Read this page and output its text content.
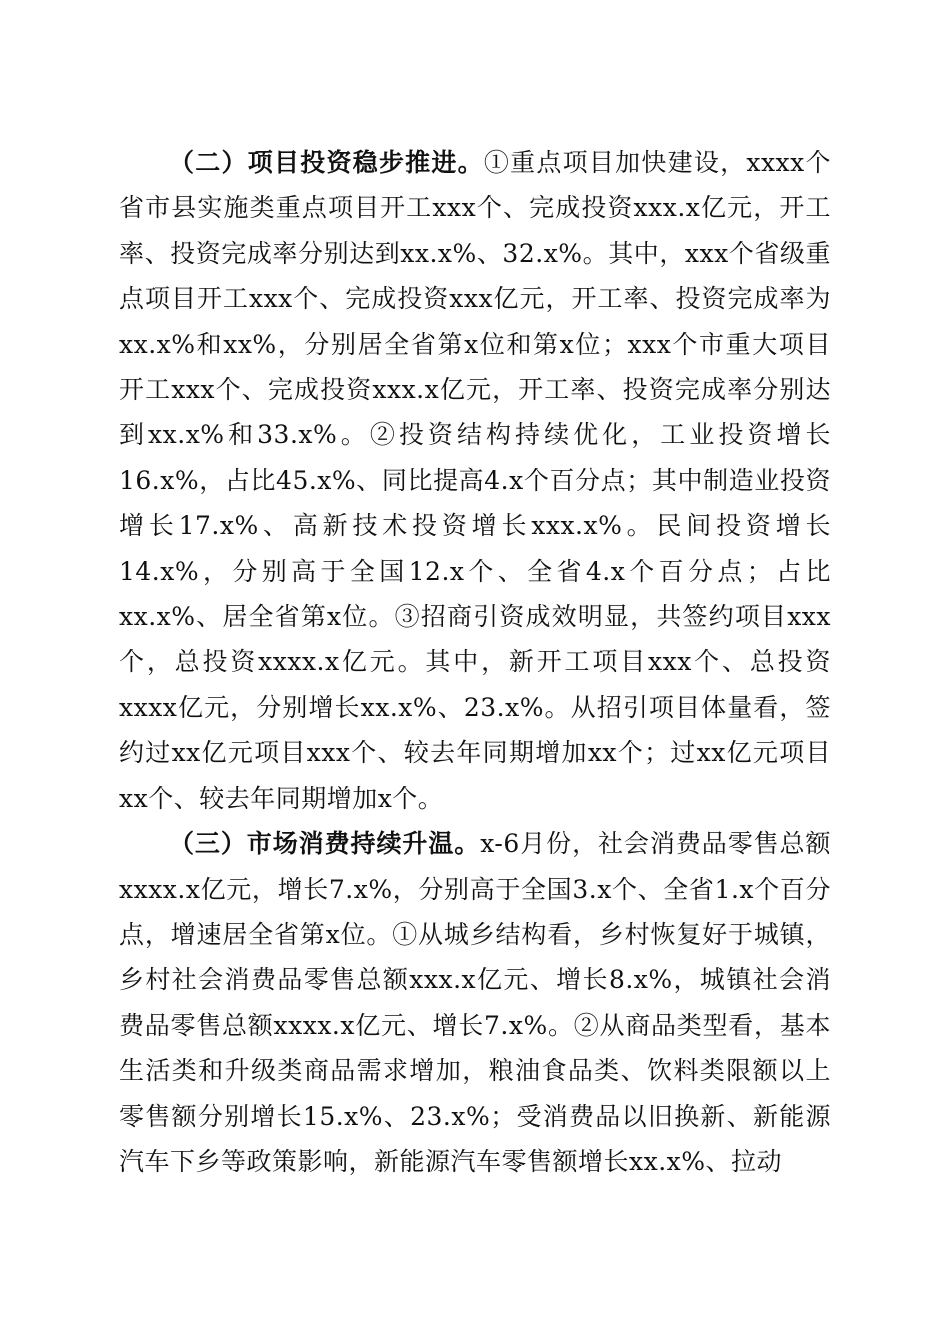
（二）项目投资稳步推进。①重点项目加快建设，xxxx个省市县实施类重点项目开工xxx个、完成投资xxx.x亿元，开工率、投资完成率分别达到xx.x%、32.x%。其中，xxx个省级重点项目开工xxx个、完成投资xxx亿元，开工率、投资完成率为xx.x%和xx%，分别居全省第x位和第x位；xxx个市重大项目开工xxx个、完成投资xxx.x亿元，开工率、投资完成率分别达到xx.x%和33.x%。②投资结构持续优化，工业投资增长16.x%，占比45.x%、同比提高4.x个百分点；其中制造业投资增长17.x%、高新技术投资增长xxx.x%。民间投资增长14.x%，分别高于全国12.x个、全省4.x个百分点；占比xx.x%、居全省第x位。③招商引资成效明显，共签约项目xxx个，总投资xxxx.x亿元。其中，新开工项目xxx个、总投资xxxx亿元，分别增长xx.x%、23.x%。从招引项目体量看，签约过xx亿元项目xxx个、较去年同期增加xx个；过xx亿元项目xx个、较去年同期增加x个。

（三）市场消费持续升温。x-6月份，社会消费品零售总额xxxx.x亿元，增长7.x%，分别高于全国3.x个、全省1.x个百分点，增速居全省第x位。①从城乡结构看，乡村恢复好于城镇，乡村社会消费品零售总额xxx.x亿元、增长8.x%，城镇社会消费品零售总额xxxx.x亿元、增长7.x%。②从商品类型看，基本生活类和升级类商品需求增加，粮油食品类、饮料类限额以上零售额分别增长15.x%、23.x%；受消费品以旧换新、新能源汽车下乡等政策影响，新能源汽车零售额增长xx.x%、拉动
